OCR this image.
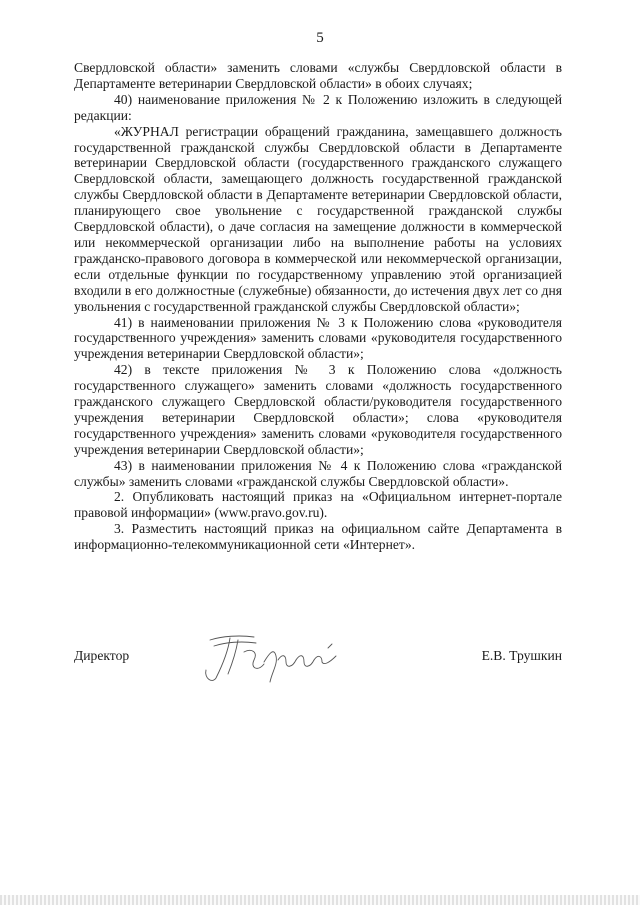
5

Свердловской области» заменить словами «службы Свердловской области в Департаменте ветеринарии Свердловской области» в обоих случаях;

40) наименование приложения № 2 к Положению изложить в следующей редакции:

«ЖУРНАЛ регистрации обращений гражданина, замещавшего должность государственной гражданской службы Свердловской области в Департаменте ветеринарии Свердловской области (государственного гражданского служащего Свердловской области, замещающего должность государственной гражданской службы Свердловской области в Департаменте ветеринарии Свердловской области, планирующего свое увольнение с государственной гражданской службы Свердловской области), о даче согласия на замещение должности в коммерческой или некоммерческой организации либо на выполнение работы на условиях гражданско-правового договора в коммерческой или некоммерческой организации, если отдельные функции по государственному управлению этой организацией входили в его должностные (служебные) обязанности, до истечения двух лет со дня увольнения с государственной гражданской службы Свердловской области»;

41) в наименовании приложения № 3 к Положению слова «руководителя государственного учреждения» заменить словами «руководителя государственного учреждения ветеринарии Свердловской области»;

42) в тексте приложения № 3 к Положению слова «должность государственного служащего» заменить словами «должность государственного гражданского служащего Свердловской области/руководителя государственного учреждения ветеринарии Свердловской области»; слова «руководителя государственного учреждения» заменить словами «руководителя государственного учреждения ветеринарии Свердловской области»;

43) в наименовании приложения № 4 к Положению слова «гражданской службы» заменить словами «гражданской службы Свердловской области».

2. Опубликовать настоящий приказ на «Официальном интернет-портале правовой информации» (www.pravo.gov.ru).

3. Разместить настоящий приказ на официальном сайте Департамента в информационно-телекоммуникационной сети «Интернет».

Директор	Е.В. Трушкин
